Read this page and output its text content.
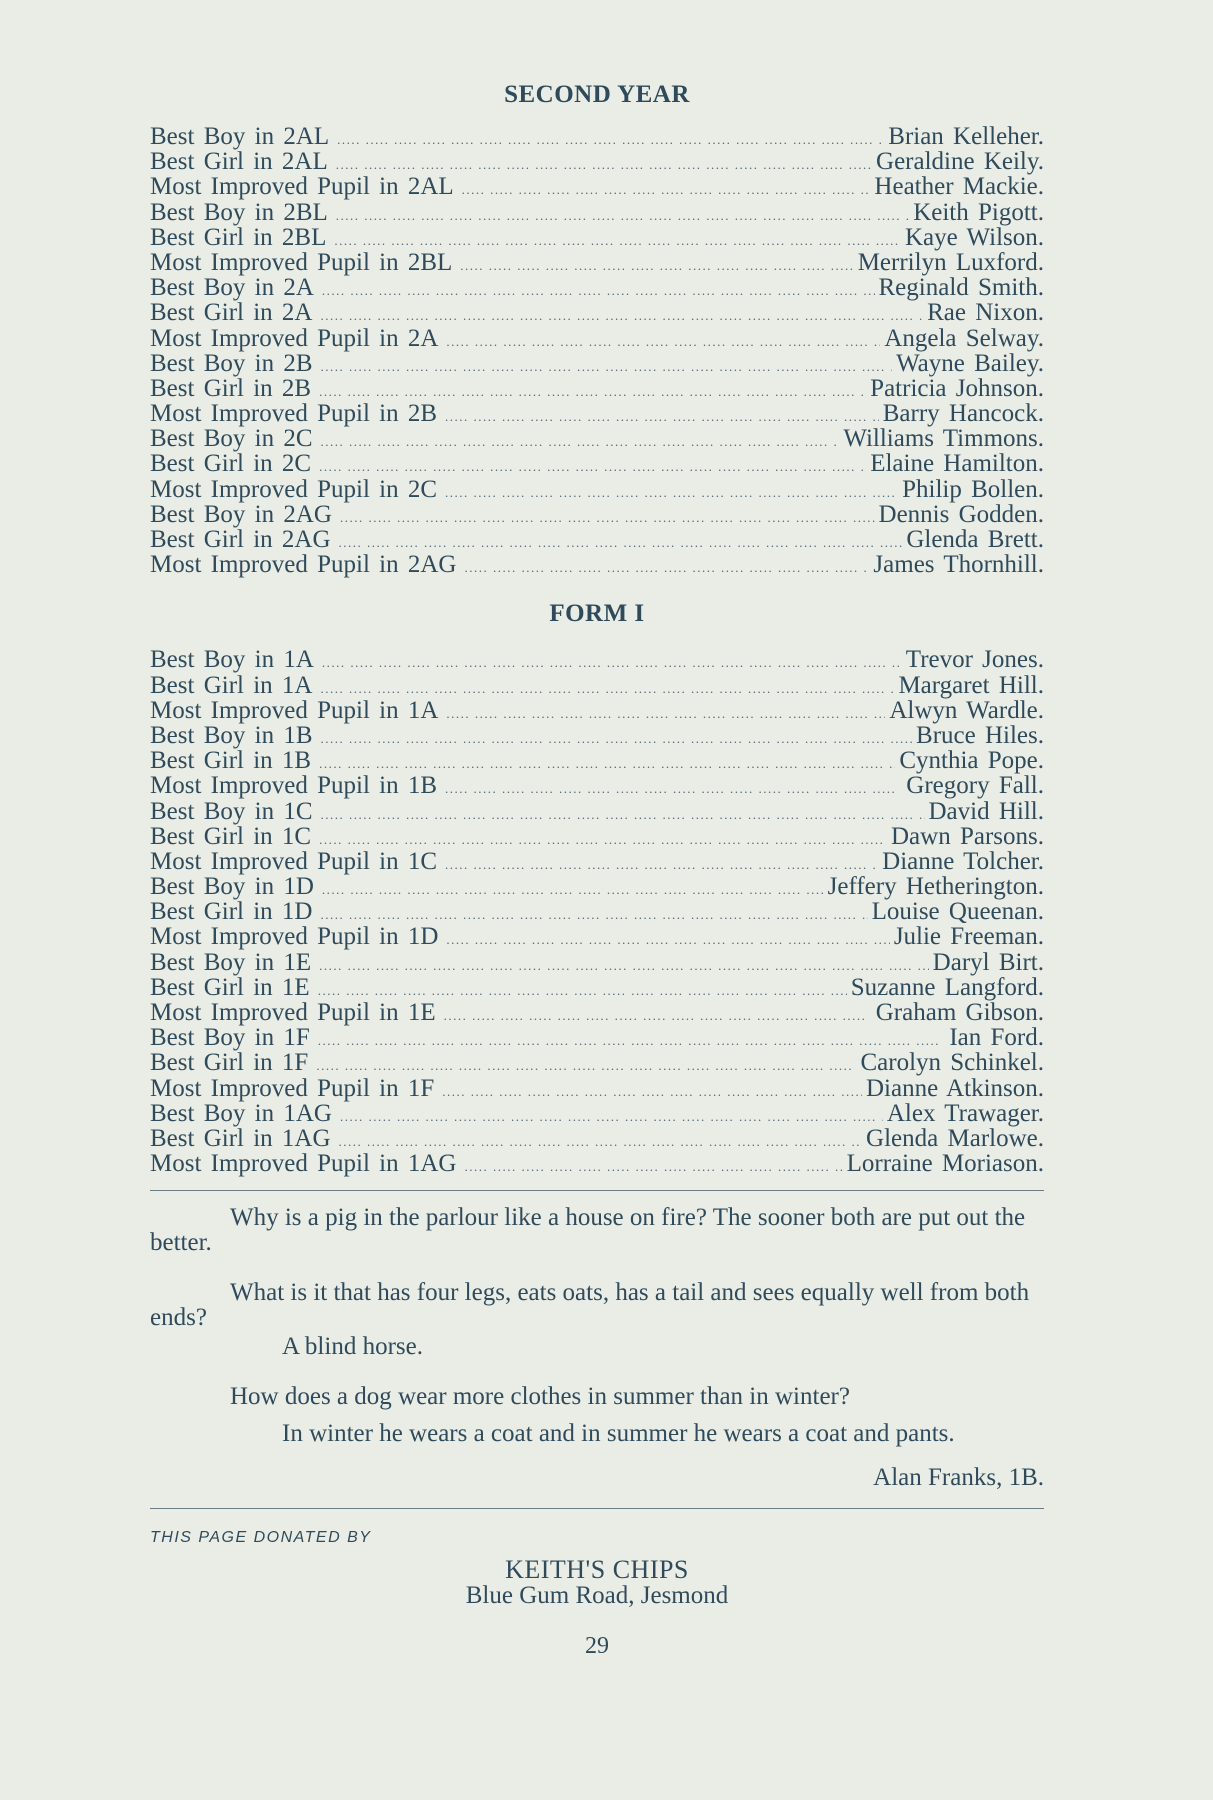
SECOND YEAR
Best Boy in 2AL .....	Brian Kelleher.
Best Girl in 2AL .....	Geraldine Keily.
Most Improved Pupil in 2AL .....	Heather Mackie.
Best Boy in 2BL .....	Keith Pigott.
Best Girl in 2BL .....	Kaye Wilson.
Most Improved Pupil in 2BL .....	Merrilyn Luxford.
Best Boy in 2A .....	Reginald Smith.
Best Girl in 2A .....	Rae Nixon.
Most Improved Pupil in 2A .....	Angela Selway.
Best Boy in 2B .....	Wayne Bailey.
Best Girl in 2B .....	Patricia Johnson.
Most Improved Pupil in 2B .....	Barry Hancock.
Best Boy in 2C .....	Williams Timmons.
Best Girl in 2C .....	Elaine Hamilton.
Most Improved Pupil in 2C .....	Philip Bollen.
Best Boy in 2AG .....	Dennis Godden.
Best Girl in 2AG .....	Glenda Brett.
Most Improved Pupil in 2AG .....	James Thornhill.
FORM I
Best Boy in 1A .....	Trevor Jones.
Best Girl in 1A .....	Margaret Hill.
Most Improved Pupil in 1A .....	Alwyn Wardle.
Best Boy in 1B .....	Bruce Hiles.
Best Girl in 1B .....	Cynthia Pope.
Most Improved Pupil in 1B .....	Gregory Fall.
Best Boy in 1C .....	David Hill.
Best Girl in 1C .....	Dawn Parsons.
Most Improved Pupil in 1C .....	Dianne Tolcher.
Best Boy in 1D .....	Jeffery Hetherington.
Best Girl in 1D .....	Louise Queenan.
Most Improved Pupil in 1D .....	Julie Freeman.
Best Boy in 1E .....	Daryl Birt.
Best Girl in 1E .....	Suzanne Langford.
Most Improved Pupil in 1E .....	Graham Gibson.
Best Boy in 1F .....	Ian Ford.
Best Girl in 1F .....	Carolyn Schinkel.
Most Improved Pupil in 1F .....	Dianne Atkinson.
Best Boy in 1AG .....	Alex Trawager.
Best Girl in 1AG .....	Glenda Marlowe.
Most Improved Pupil in 1AG .....	Lorraine Moriason.

Why is a pig in the parlour like a house on fire? The sooner both are put out the better.

What is it that has four legs, eats oats, has a tail and sees equally well from both ends?

A blind horse.

How does a dog wear more clothes in summer than in winter?

In winter he wears a coat and in summer he wears a coat and pants.

Alan Franks, 1B.

THIS PAGE DONATED BY

KEITH'S CHIPS

Blue Gum Road, Jesmond

29
